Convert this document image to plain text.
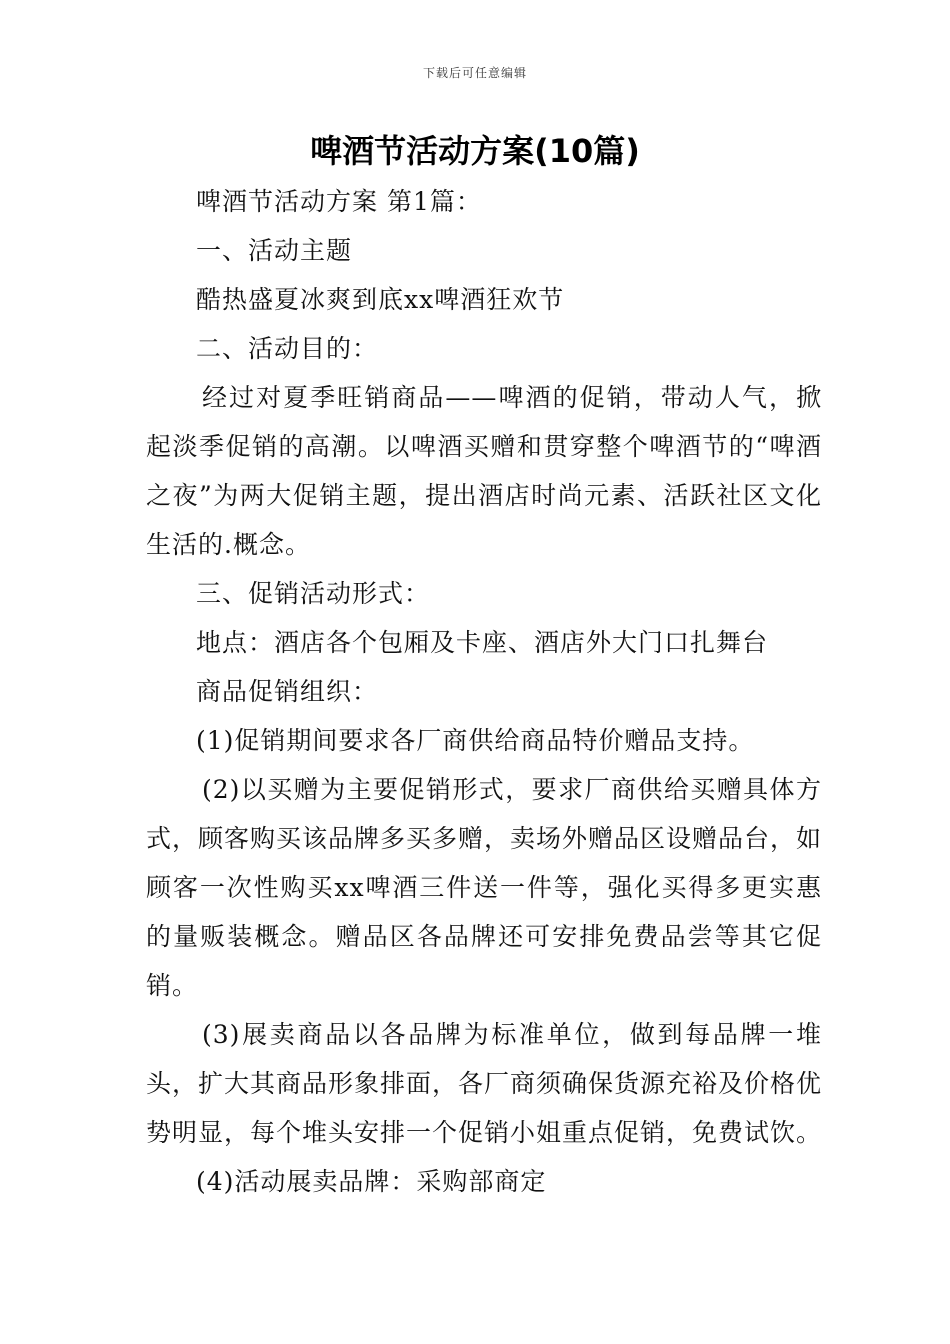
下载后可任意编辑
啤酒节活动方案(10篇)

啤酒节活动方案 第1篇：

一、活动主题

酷热盛夏冰爽到底xx啤酒狂欢节

二、活动目的：

经过对夏季旺销商品——啤酒的促销，带动人气，掀起淡季促销的高潮。以啤酒买赠和贯穿整个啤酒节的“啤酒之夜”为两大促销主题，提出酒店时尚元素、活跃社区文化生活的.概念。

三、促销活动形式：

地点：酒店各个包厢及卡座、酒店外大门口扎舞台

商品促销组织：

(1)促销期间要求各厂商供给商品特价赠品支持。

(2)以买赠为主要促销形式，要求厂商供给买赠具体方式，顾客购买该品牌多买多赠，卖场外赠品区设赠品台，如顾客一次性购买xx啤酒三件送一件等，强化买得多更实惠的量贩装概念。赠品区各品牌还可安排免费品尝等其它促销。

(3)展卖商品以各品牌为标准单位，做到每品牌一堆头，扩大其商品形象排面，各厂商须确保货源充裕及价格优势明显，每个堆头安排一个促销小姐重点促销，免费试饮。

(4)活动展卖品牌：采购部商定
